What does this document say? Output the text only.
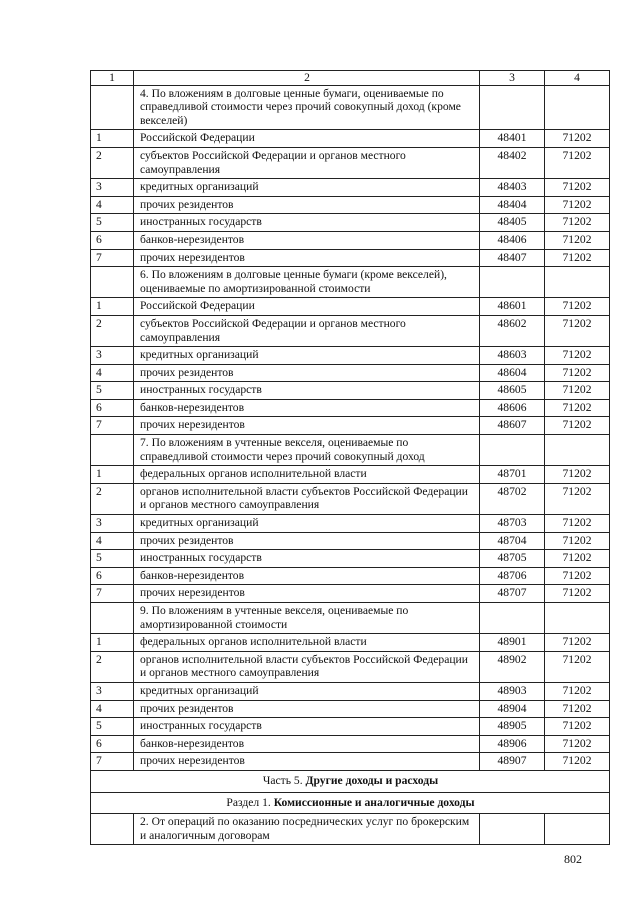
1	2	3	4
	4. По вложениям в долговые ценные бумаги, оцениваемые по справедливой стоимости через прочий совокупный доход (кроме векселей)		
1	Российской Федерации	48401	71202
2	субъектов Российской Федерации и органов местного самоуправления	48402	71202
3	кредитных организаций	48403	71202
4	прочих резидентов	48404	71202
5	иностранных государств	48405	71202
6	банков-нерезидентов	48406	71202
7	прочих нерезидентов	48407	71202
	6. По вложениям в долговые ценные бумаги (кроме векселей), оцениваемые по амортизированной стоимости		
1	Российской Федерации	48601	71202
2	субъектов Российской Федерации и органов местного самоуправления	48602	71202
3	кредитных организаций	48603	71202
4	прочих резидентов	48604	71202
5	иностранных государств	48605	71202
6	банков-нерезидентов	48606	71202
7	прочих нерезидентов	48607	71202
	7. По вложениям в учтенные векселя, оцениваемые по справедливой стоимости через прочий совокупный доход		
1	федеральных органов исполнительной власти	48701	71202
2	органов исполнительной власти субъектов Российской Федерации и органов местного самоуправления	48702	71202
3	кредитных организаций	48703	71202
4	прочих резидентов	48704	71202
5	иностранных государств	48705	71202
6	банков-нерезидентов	48706	71202
7	прочих нерезидентов	48707	71202
	9. По вложениям в учтенные векселя, оцениваемые по амортизированной стоимости		
1	федеральных органов исполнительной власти	48901	71202
2	органов исполнительной власти субъектов Российской Федерации и органов местного самоуправления	48902	71202
3	кредитных организаций	48903	71202
4	прочих резидентов	48904	71202
5	иностранных государств	48905	71202
6	банков-нерезидентов	48906	71202
7	прочих нерезидентов	48907	71202
Часть 5. Другие доходы и расходы			
Раздел 1. Комиссионные и аналогичные доходы			
	2. От операций по оказанию посреднических услуг по брокерским и аналогичным договорам		
802
